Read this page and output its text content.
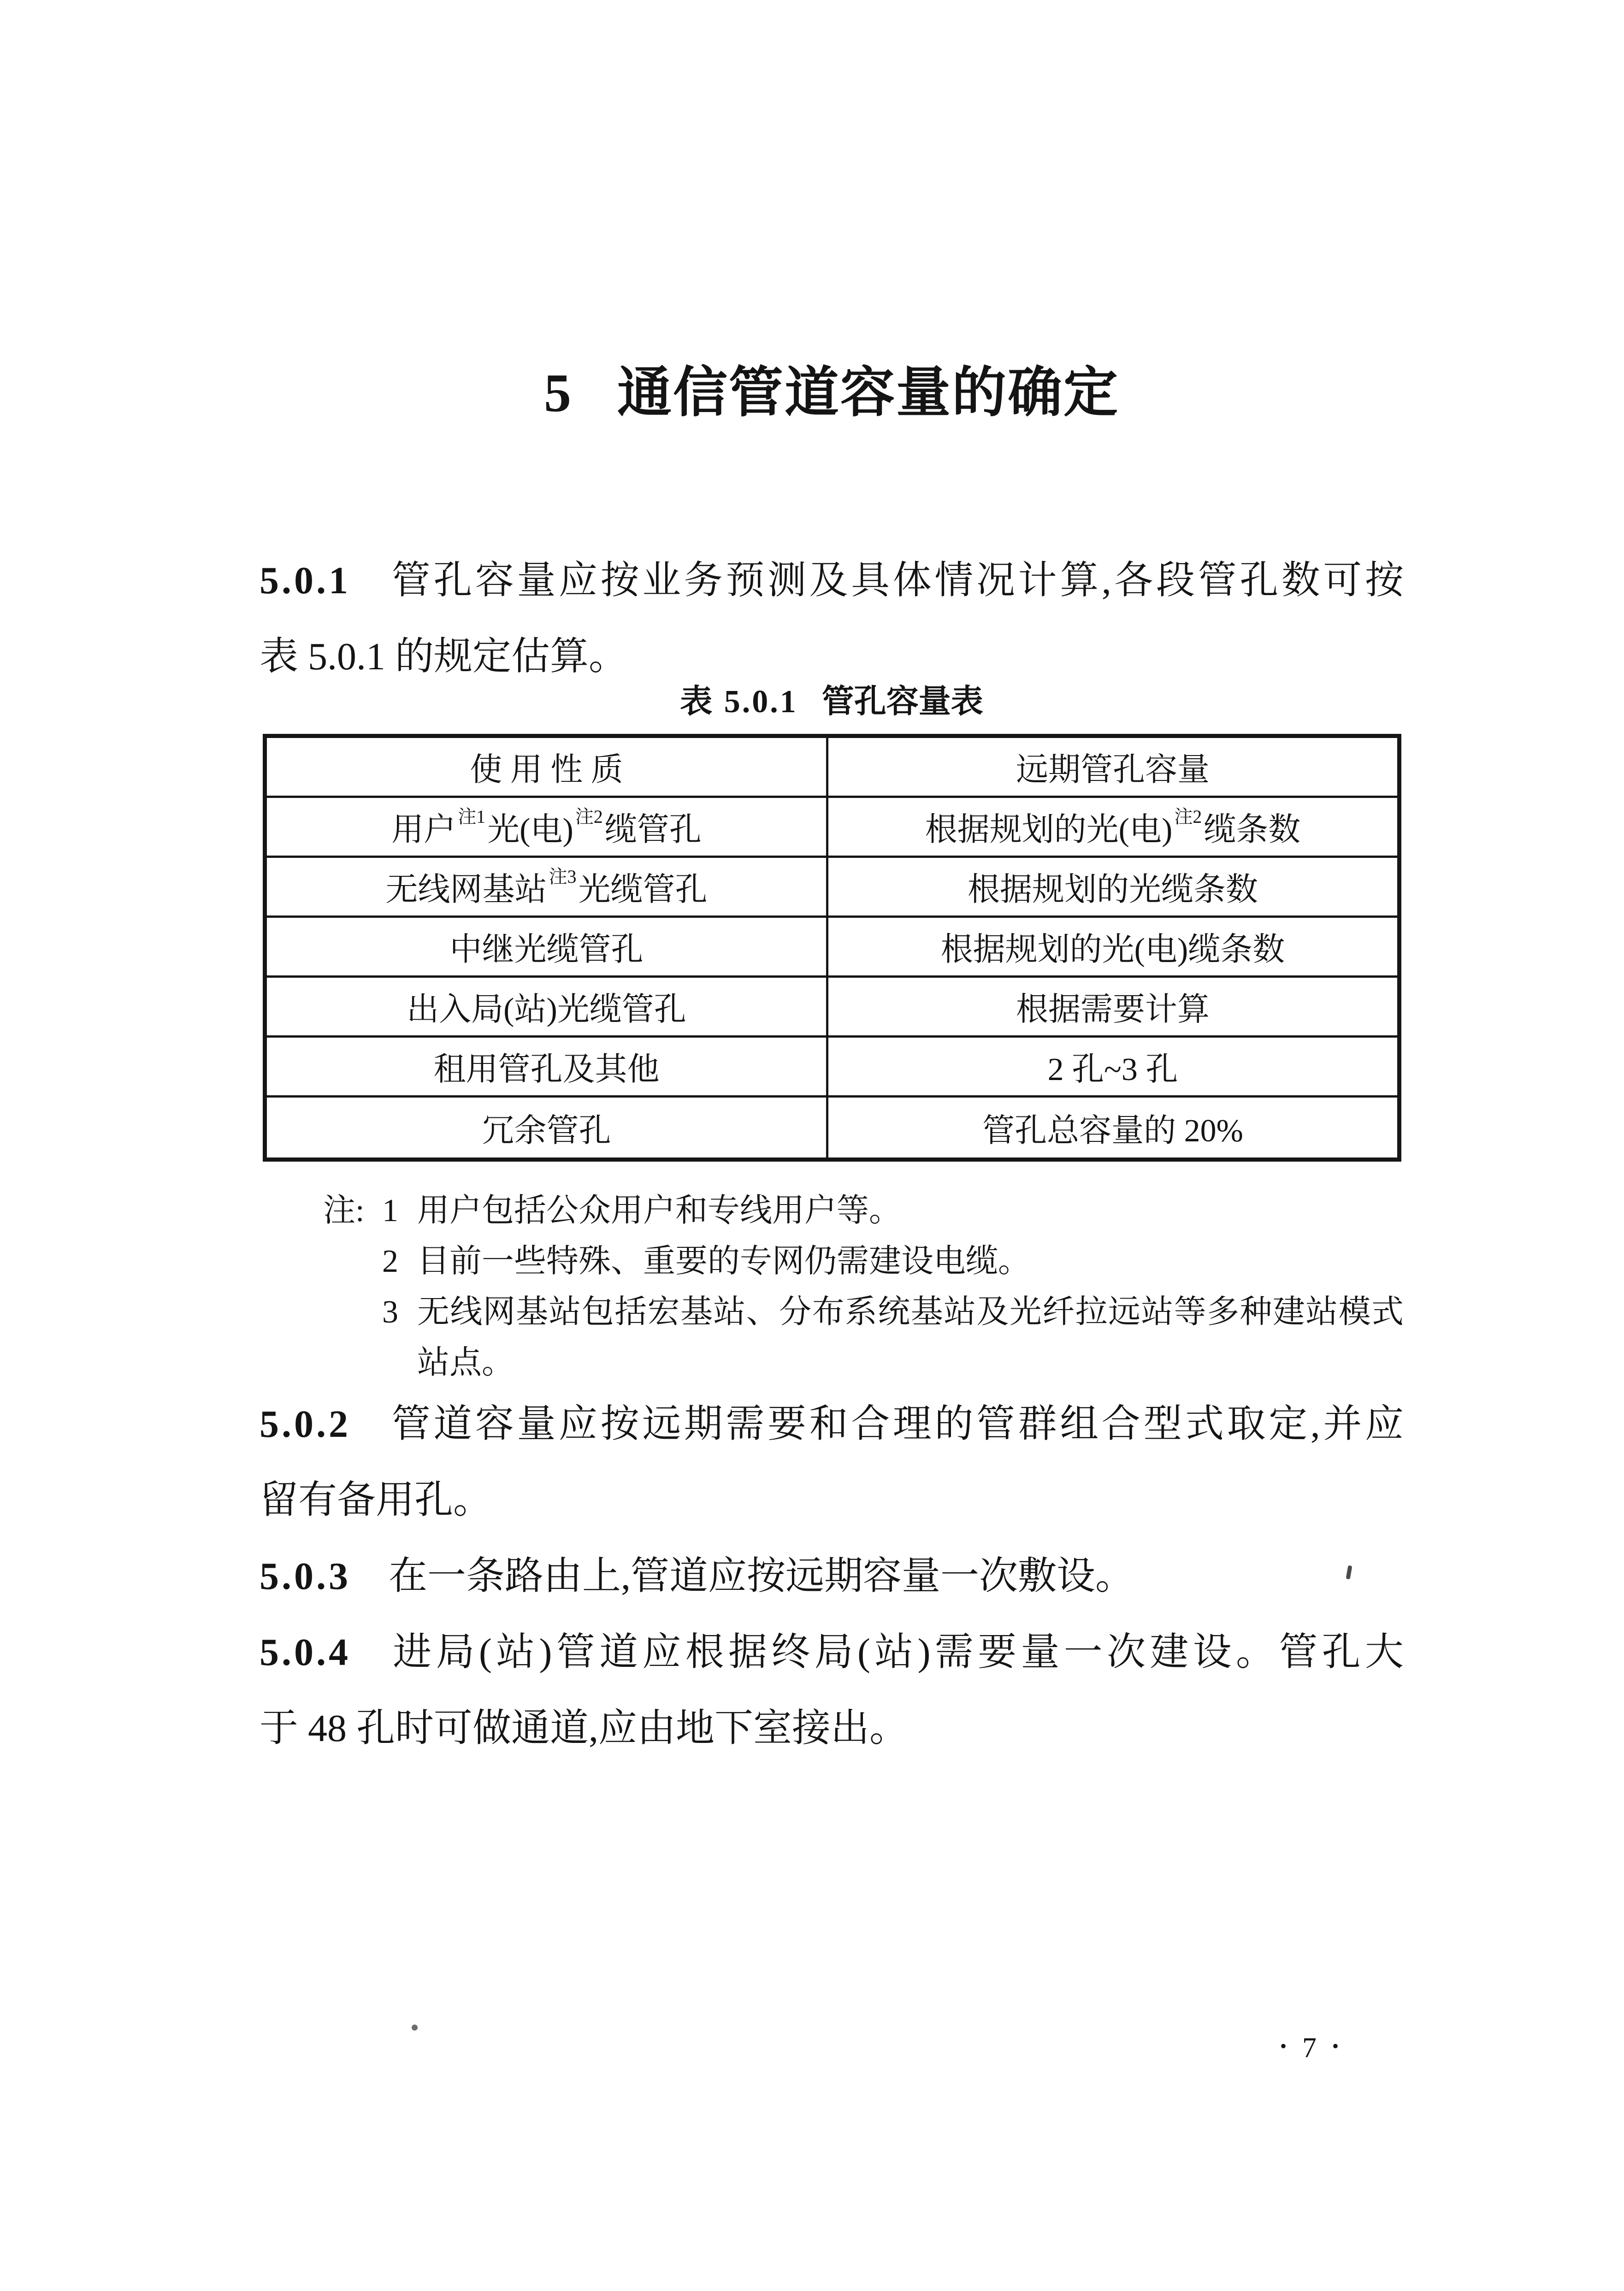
5 通信管道容量的确定
5.0.1 管孔容量应按业务预测及具体情况计算,各段管孔数可按
表 5.0.1 的规定估算。
表 5.0.1 管孔容量表
使 用 性 质	远期管孔容量
用户$^{注1}$ 光(电)$^{注2}$ 缆管孔	根据规划的光(电)$^{注2}$ 缆条数
无线网基站$^{注3}$ 光缆管孔	根据规划的光缆条数
中继光缆管孔	根据规划的光(电)缆条数
出入局(站)光缆管孔	根据需要计算
租用管孔及其他	2 孔~3 孔
冗余管孔	管孔总容量的 20%
注: 1 用户包括公众用户和专线用户等。
2 目前一些特殊、重要的专网仍需建设电缆。
3 无线网基站包括宏基站、分布系统基站及光纤拉远站等多种建站模式
站点。
5.0.2 管道容量应按远期需要和合理的管群组合型式取定,并应
留有备用孔。
5.0.3 在一条路由上,管道应按远期容量一次敷设。
5.0.4 进局(站)管道应根据终局(站)需要量一次建设。管孔大
于 48 孔时可做通道,应由地下室接出。
• 7 •
